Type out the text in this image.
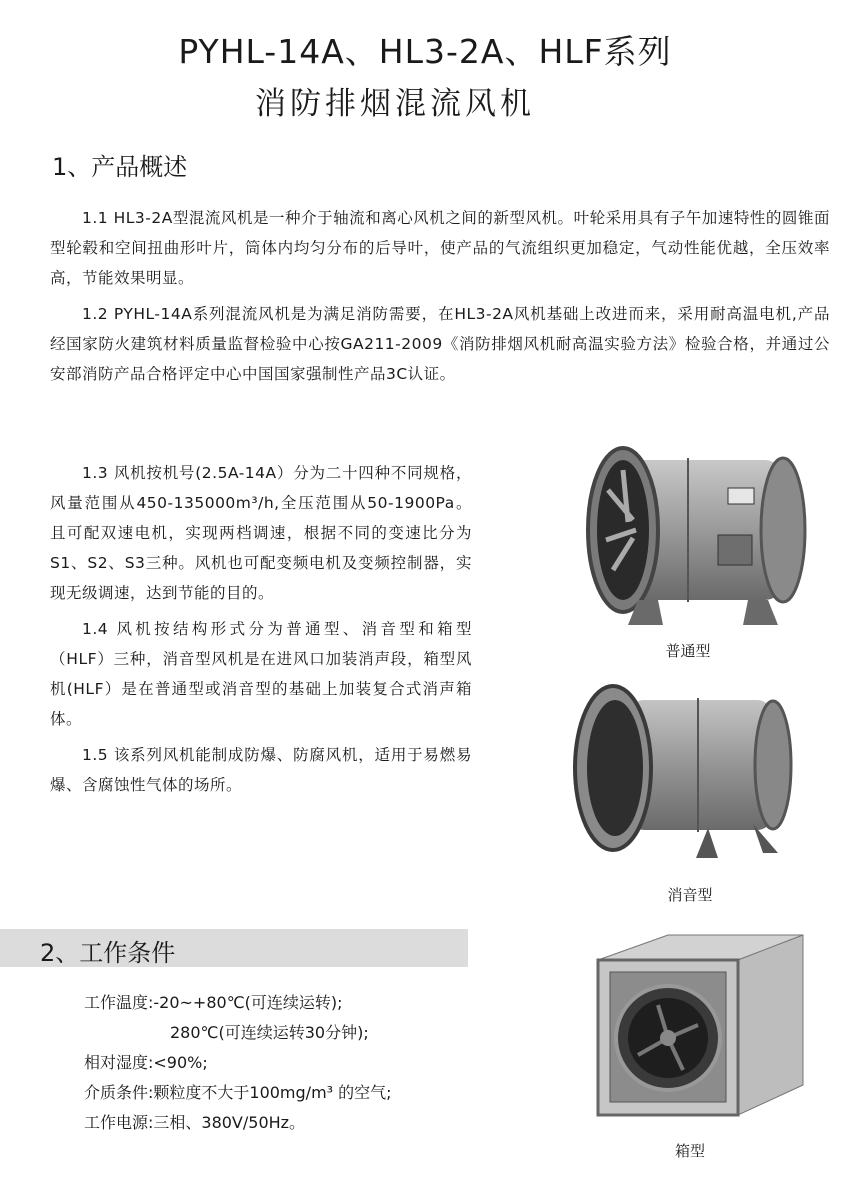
PYHL-14A、HL3-2A、HLF系列
消防排烟混流风机
1、产品概述

1.1 HL3-2A型混流风机是一种介于轴流和离心风机之间的新型风机。叶轮采用具有子午加速特性的圆锥面型轮毂和空间扭曲形叶片，筒体内均匀分布的后导叶，使产品的气流组织更加稳定，气动性能优越，全压效率高，节能效果明显。

1.2 PYHL-14A系列混流风机是为满足消防需要，在HL3-2A风机基础上改进而来，采用耐高温电机,产品经国家防火建筑材料质量监督检验中心按GA211-2009《消防排烟风机耐高温实验方法》检验合格，并通过公安部消防产品合格评定中心中国国家强制性产品3C认证。

1.3 风机按机号(2.5A-14A）分为二十四种不同规格，风量范围从450-135000m³/h,全压范围从50-1900Pa。且可配双速电机，实现两档调速，根据不同的变速比分为S1、S2、S3三种。风机也可配变频电机及变频控制器，实现无级调速，达到节能的目的。

1.4 风机按结构形式分为普通型、消音型和箱型（HLF）三种，消音型风机是在进风口加装消声段，箱型风机(HLF）是在普通型或消音型的基础上加装复合式消声箱体。

1.5 该系列风机能制成防爆、防腐风机，适用于易燃易爆、含腐蚀性气体的场所。

2、工作条件
工作温度:-20~+80℃(可连续运转);
280℃(可连续运转30分钟);
相对湿度:<90%;
介质条件:颗粒度不大于100mg/m³ 的空气;
工作电源:三相、380V/50Hz。
普通型
消音型
箱型
